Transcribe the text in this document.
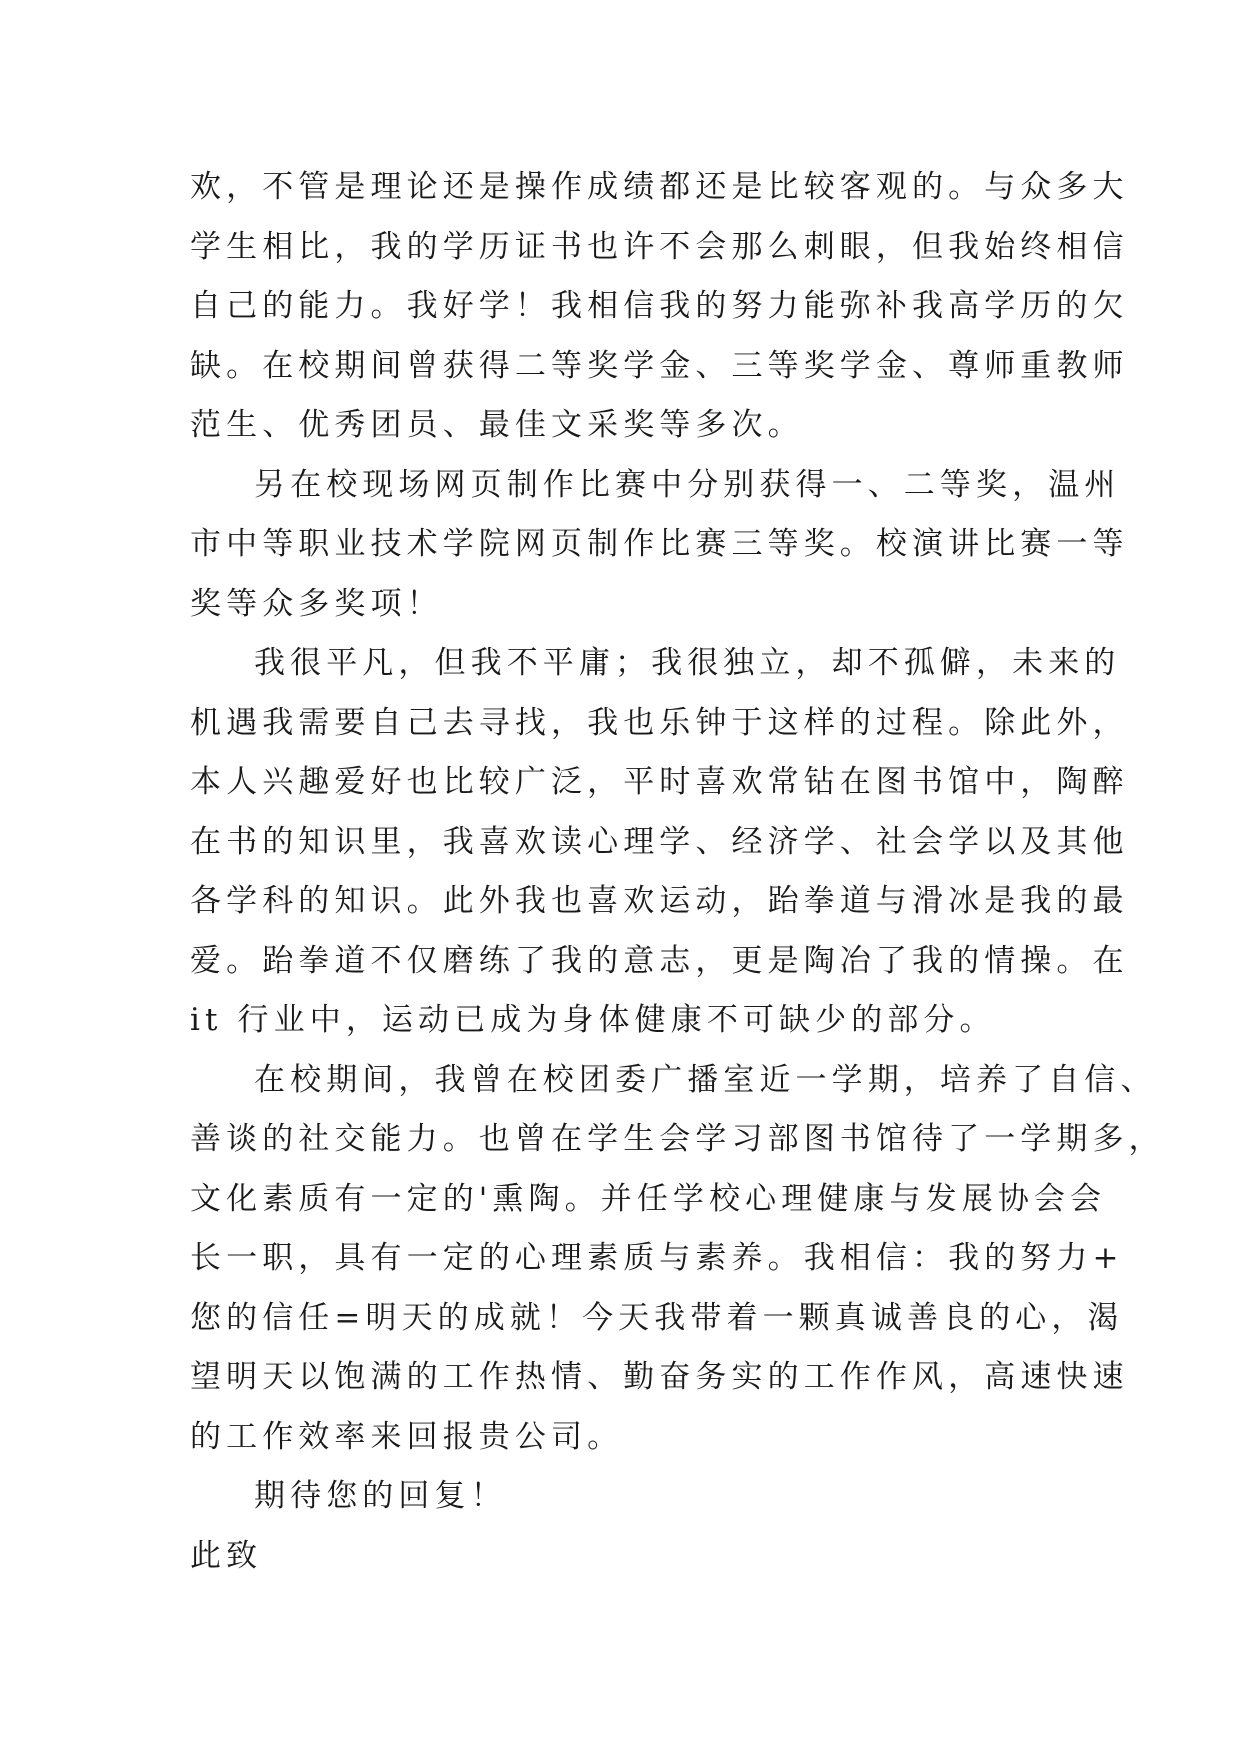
欢，不管是理论还是操作成绩都还是比较客观的。与众多大
学生相比，我的学历证书也许不会那么刺眼，但我始终相信
自己的能力。我好学！我相信我的努力能弥补我高学历的欠
缺。在校期间曾获得二等奖学金、三等奖学金、尊师重教师
范生、优秀团员、最佳文采奖等多次。
另在校现场网页制作比赛中分别获得一、二等奖，温州
市中等职业技术学院网页制作比赛三等奖。校演讲比赛一等
奖等众多奖项！
我很平凡，但我不平庸；我很独立，却不孤僻，未来的
机遇我需要自己去寻找，我也乐钟于这样的过程。除此外，
本人兴趣爱好也比较广泛，平时喜欢常钻在图书馆中，陶醉
在书的知识里，我喜欢读心理学、经济学、社会学以及其他
各学科的知识。此外我也喜欢运动，跆拳道与滑冰是我的最
爱。跆拳道不仅磨练了我的意志，更是陶冶了我的情操。在
it 行业中，运动已成为身体健康不可缺少的部分。
在校期间，我曾在校团委广播室近一学期，培养了自信、
善谈的社交能力。也曾在学生会学习部图书馆待了一学期多，
文化素质有一定的'熏陶。并任学校心理健康与发展协会会
长一职，具有一定的心理素质与素养。我相信：我的努力+
您的信任=明天的成就！今天我带着一颗真诚善良的心，渴
望明天以饱满的工作热情、勤奋务实的工作作风，高速快速
的工作效率来回报贵公司。
期待您的回复！
此致
